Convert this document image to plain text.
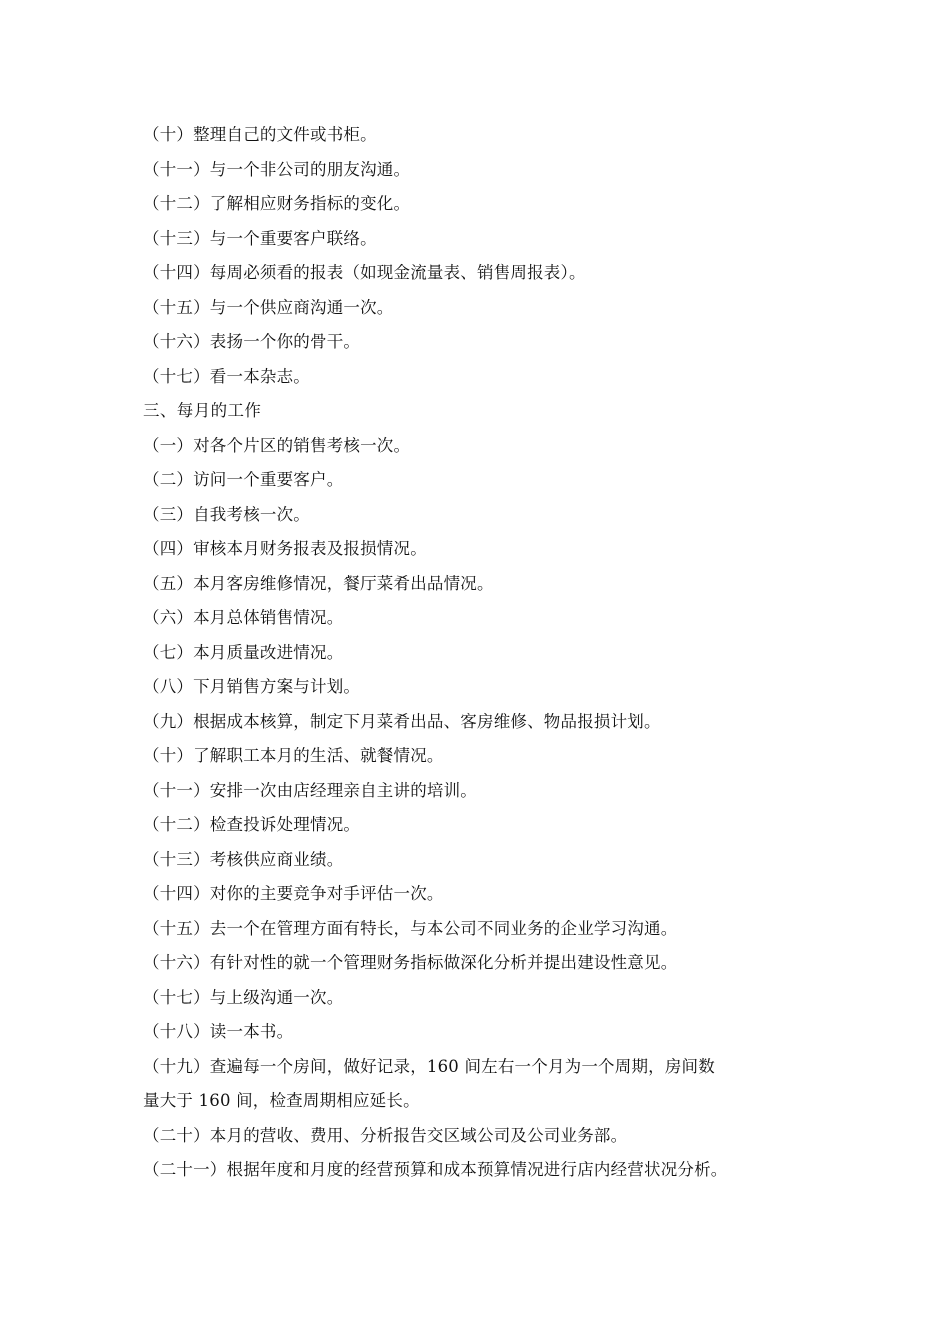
（十）整理自己的文件或书柜。
（十一）与一个非公司的朋友沟通。
（十二）了解相应财务指标的变化。
（十三）与一个重要客户联络。
（十四）每周必须看的报表（如现金流量表、销售周报表）。
（十五）与一个供应商沟通一次。
（十六）表扬一个你的骨干。
（十七）看一本杂志。
三、每月的工作
（一）对各个片区的销售考核一次。
（二）访问一个重要客户。
（三）自我考核一次。
（四）审核本月财务报表及报损情况。
（五）本月客房维修情况，餐厅菜肴出品情况。
（六）本月总体销售情况。
（七）本月质量改进情况。
（八）下月销售方案与计划。
（九）根据成本核算，制定下月菜肴出品、客房维修、物品报损计划。
（十）了解职工本月的生活、就餐情况。
（十一）安排一次由店经理亲自主讲的培训。
（十二）检查投诉处理情况。
（十三）考核供应商业绩。
（十四）对你的主要竞争对手评估一次。
（十五）去一个在管理方面有特长，与本公司不同业务的企业学习沟通。
（十六）有针对性的就一个管理财务指标做深化分析并提出建设性意见。
（十七）与上级沟通一次。
（十八）读一本书。
（十九）查遍每一个房间，做好记录，160 间左右一个月为一个周期，房间数
量大于 160 间，检查周期相应延长。
（二十）本月的营收、费用、分析报告交区域公司及公司业务部。
（二十一）根据年度和月度的经营预算和成本预算情况进行店内经营状况分析。
